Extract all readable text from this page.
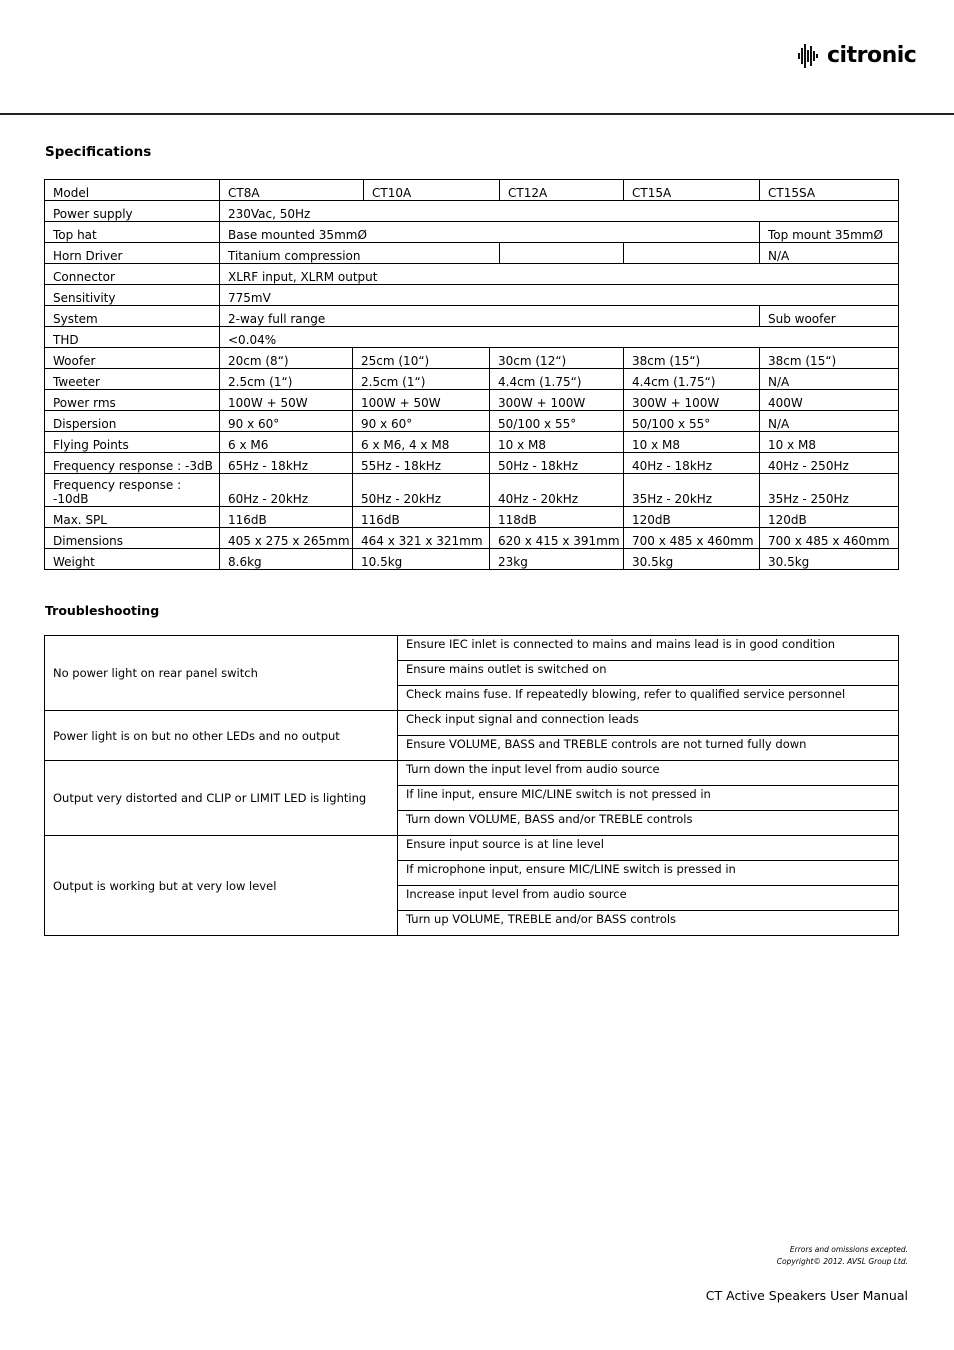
citronic
Specifications
Model	CT8A		CT10A		CT12A	CT15A	CT15SA
Power supply	230Vac, 50Hz						
Top hat	Base mounted 35mmØ						Top mount 35mmØ
Horn Driver	Titanium compression						N/A
Connector	XLRF input, XLRM output						
Sensitivity	775mV						
System	2-way full range						Sub woofer
THD	<0.04%						
Woofer	20cm (8“)	25cm (10“)		30cm (12“)		38cm (15“)	38cm (15“)
Tweeter	2.5cm (1“)	2.5cm (1“)		4.4cm (1.75“)		4.4cm (1.75“)	N/A
Power rms	100W + 50W	100W + 50W		300W + 100W		300W + 100W	400W
Dispersion	90 x 60°	90 x 60°		50/100 x 55°		50/100 x 55°	N/A
Flying Points	6 x M6	6 x M6, 4 x M8		10 x M8		10 x M8	10 x M8
Frequency response : -3dB	65Hz - 18kHz	55Hz - 18kHz		50Hz - 18kHz		40Hz - 18kHz	40Hz - 250Hz
Frequency response : -10dB	60Hz - 20kHz	50Hz - 20kHz		40Hz - 20kHz		35Hz - 20kHz	35Hz - 250Hz
Max. SPL	116dB	116dB		118dB		120dB	120dB
Dimensions	405 x 275 x 265mm	464 x 321 x 321mm		620 x 415 x 391mm		700 x 485 x 460mm	700 x 485 x 460mm
Weight	8.6kg	10.5kg		23kg		30.5kg	30.5kg
Troubleshooting
No power light on rear panel switch	Ensure IEC inlet is connected to mains and mains lead is in good condition
	Ensure mains outlet is switched on
	Check mains fuse. If repeatedly blowing, refer to qualified service personnel
Power light is on but no other LEDs and no output	Check input signal and connection leads
	Ensure VOLUME, BASS and TREBLE controls are not turned fully down
Output very distorted and CLIP or LIMIT LED is lighting	Turn down the input level from audio source
	If line input, ensure MIC/LINE switch is not pressed in
	Turn down VOLUME, BASS and/or TREBLE controls
Output is working but at very low level	Ensure input source is at line level
	If microphone input, ensure MIC/LINE switch is pressed in
	Increase input level from audio source
	Turn up VOLUME, TREBLE and/or BASS controls
Errors and omissions excepted.
Copyright© 2012. AVSL Group Ltd.
CT Active Speakers User Manual
